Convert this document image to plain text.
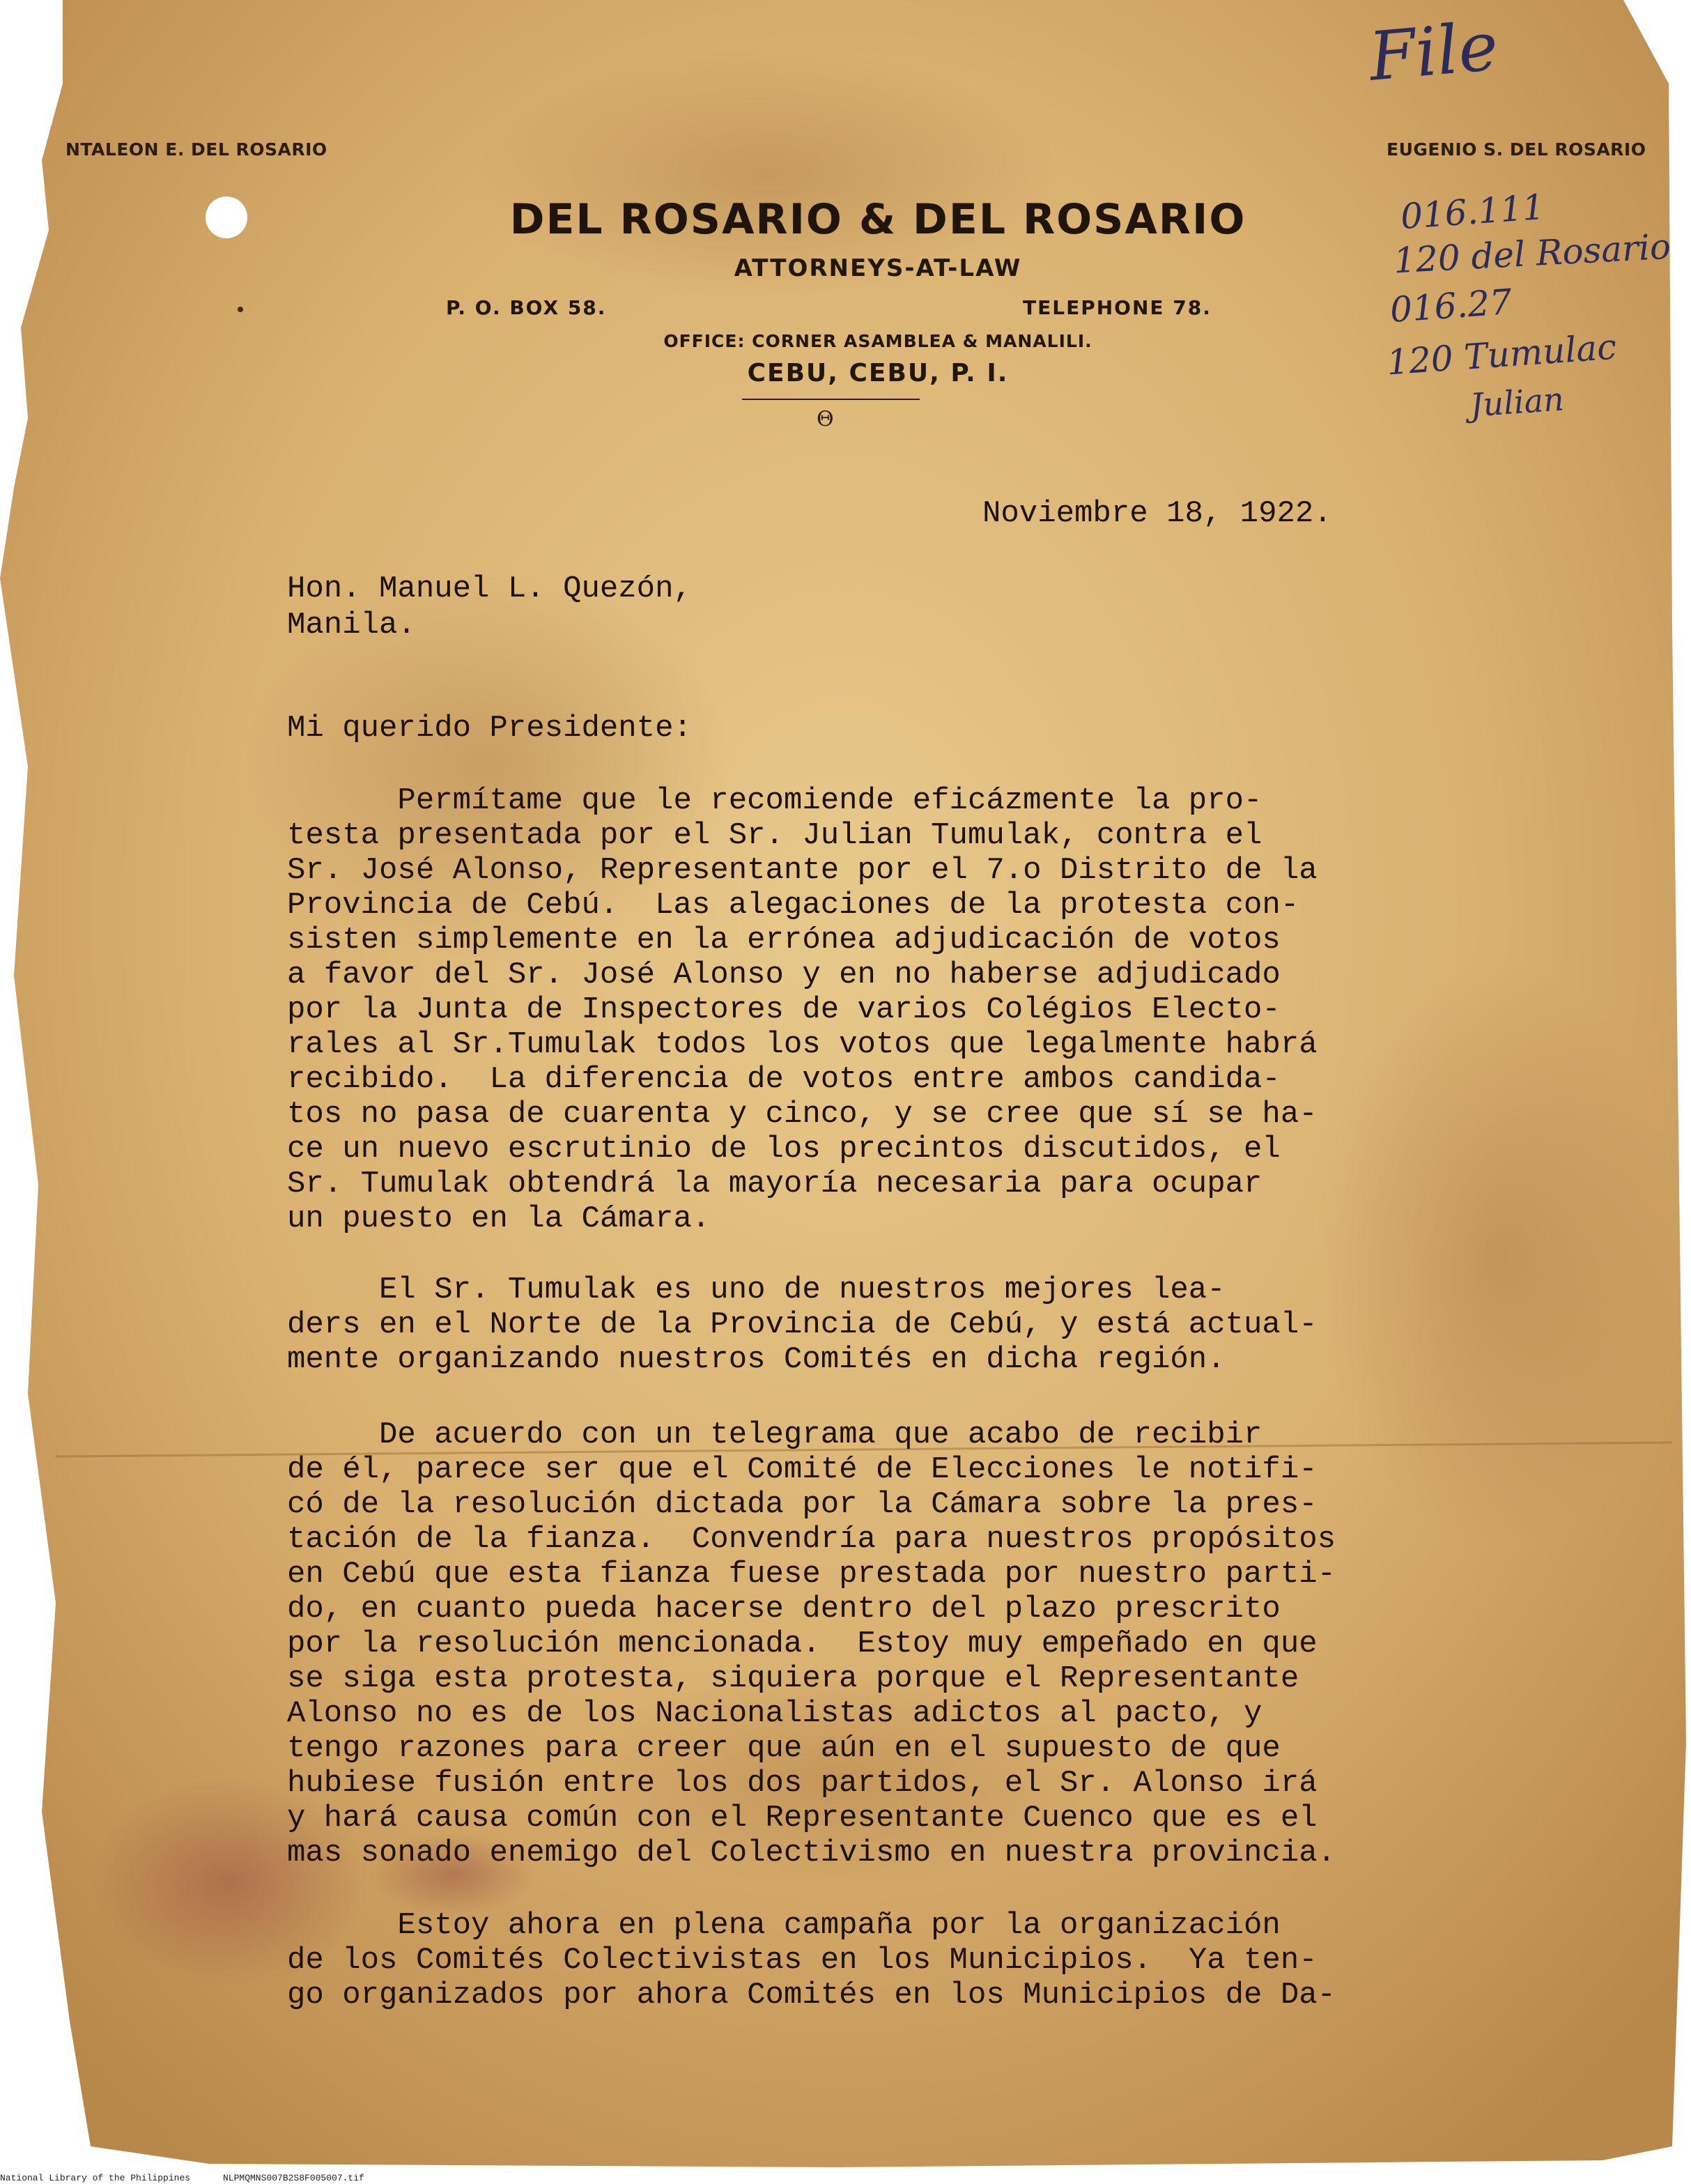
NTALEON E. DEL ROSARIO	EUGENIO S. DEL ROSARIO

DEL ROSARIO & DEL ROSARIO

ATTORNEYS-AT-LAW

P. O. BOX 58.	TELEPHONE 78.

OFFICE: CORNER ASAMBLEA & MANALILI.

CEBU, CEBU, P. I.

Θ

File

016.111

120 del Rosario

016.27

120 Tumulac

Julian

Noviembre 18, 1922.

Hon. Manuel L. Quezón,

Manila.

Mi querido Presidente:

Permítame que le recomiende eficázmente la pro-
testa presentada por el Sr. Julian Tumulak, contra el
Sr. José Alonso, Representante por el 7.o Distrito de la
Provincia de Cebú.  Las alegaciones de la protesta con-
sisten simplemente en la errónea adjudicación de votos
a favor del Sr. José Alonso y en no haberse adjudicado
por la Junta de Inspectores de varios Colégios Electo-
rales al Sr.Tumulak todos los votos que legalmente habrá
recibido.  La diferencia de votos entre ambos candida-
tos no pasa de cuarenta y cinco, y se cree que sí se ha-
ce un nuevo escrutinio de los precintos discutidos, el
Sr. Tumulak obtendrá la mayoría necesaria para ocupar
un puesto en la Cámara.

El Sr. Tumulak es uno de nuestros mejores lea-
ders en el Norte de la Provincia de Cebú, y está actual-
mente organizando nuestros Comités en dicha región.

De acuerdo con un telegrama que acabo de recibir
de él, parece ser que el Comité de Elecciones le notifi-
có de la resolución dictada por la Cámara sobre la pres-
tación de la fianza.  Convendría para nuestros propósitos
en Cebú que esta fianza fuese prestada por nuestro parti-
do, en cuanto pueda hacerse dentro del plazo prescrito
por la resolución mencionada.  Estoy muy empeñado en que
se siga esta protesta, siquiera porque el Representante
Alonso no es de los Nacionalistas adictos al pacto, y
tengo razones para creer que aún en el supuesto de que
hubiese fusión entre los dos partidos, el Sr. Alonso irá
y hará causa común con el Representante Cuenco que es el
mas sonado enemigo del Colectivismo en nuestra provincia.

Estoy ahora en plena campaña por la organización
de los Comités Colectivistas en los Municipios.  Ya ten-
go organizados por ahora Comités en los Municipios de Da-

National Library of the Philippines	NLPMQMNS007B2S8F005007.tif
